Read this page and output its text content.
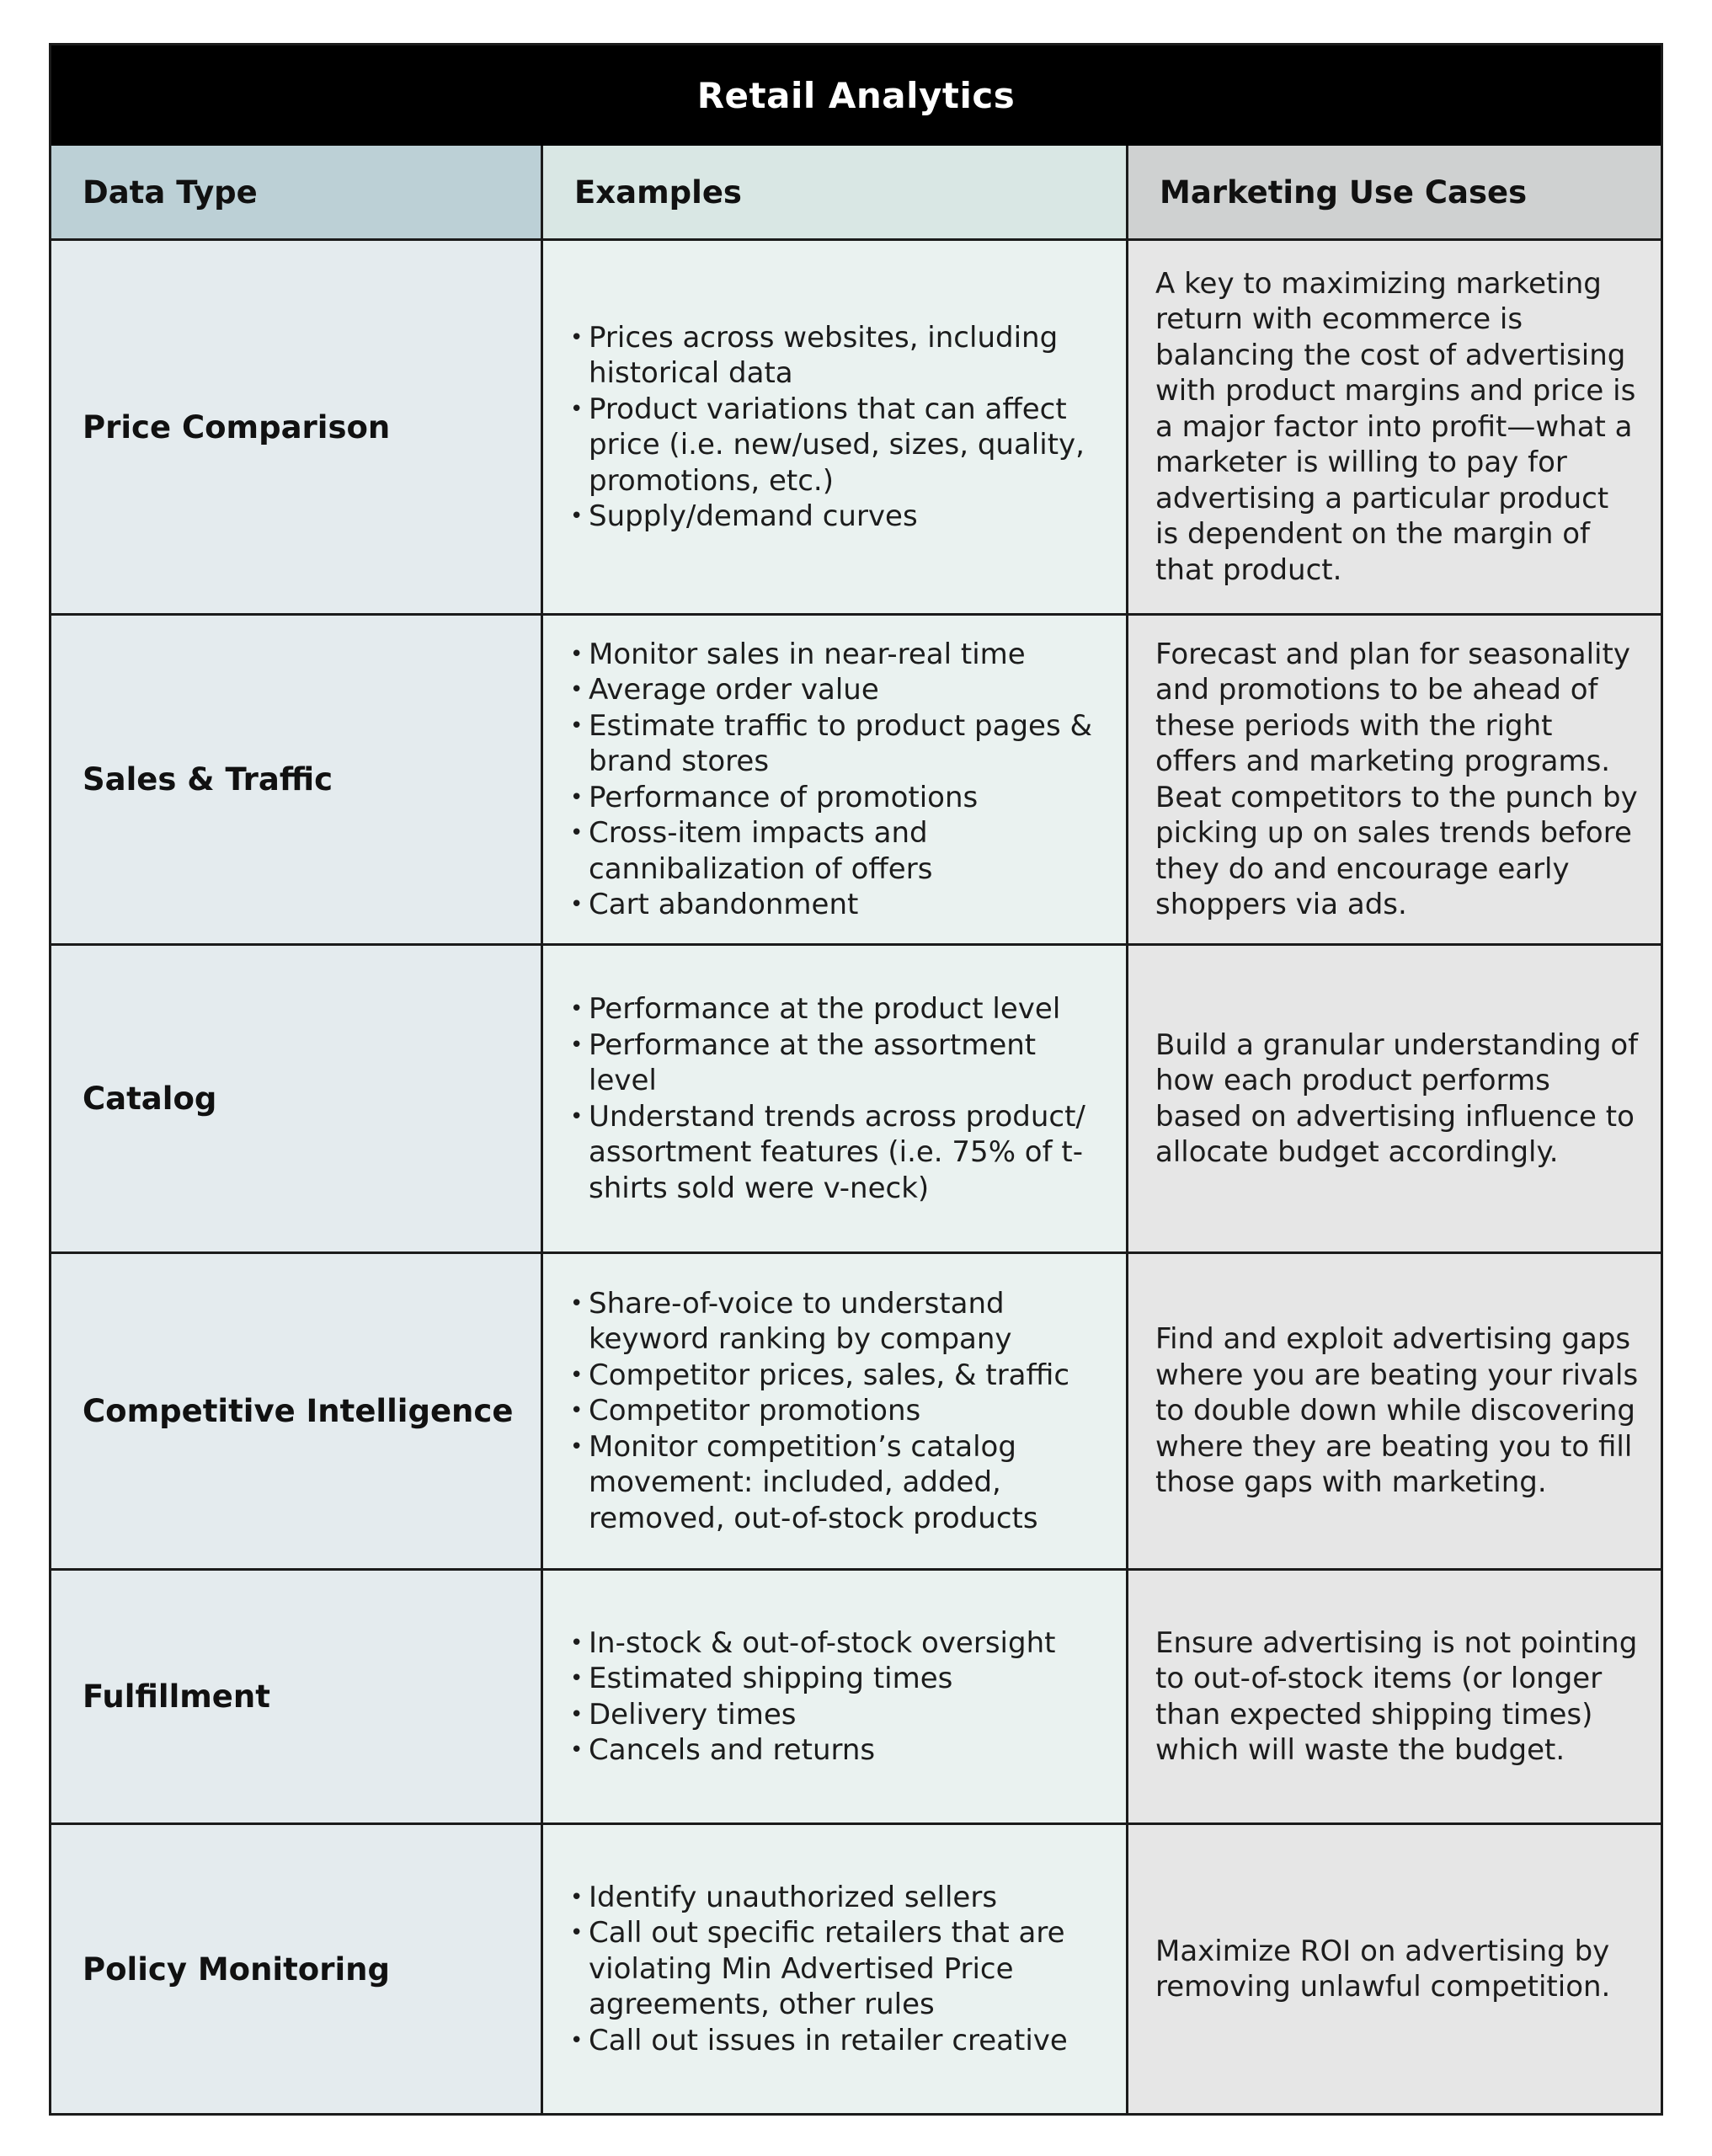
Retail Analytics
Data Type	Examples	Marketing Use Cases
Price Comparison
• Prices across websites, including historical data
• Product variations that can affect price (i.e. new/used, sizes, quality, promotions, etc.)
• Supply/demand curves

A key to maximizing marketing return with ecommerce is balancing the cost of advertising with product margins and price is a major factor into profit—what a marketer is willing to pay for advertising a particular product is dependent on the margin of that product.

Sales & Traffic
• Monitor sales in near-real time
• Average order value
• Estimate traffic to product pages & brand stores
• Performance of promotions
• Cross-item impacts and cannibalization of offers
• Cart abandonment

Forecast and plan for seasonality and promotions to be ahead of these periods with the right offers and marketing programs.

Beat competitors to the punch by picking up on sales trends before they do and encourage early shoppers via ads.

Catalog
• Performance at the product level
• Performance at the assortment level
• Understand trends across product/ assortment features (i.e. 75% of t-shirts sold were v-neck)

Build a granular understanding of how each product performs based on advertising influence to allocate budget accordingly.

Competitive Intelligence
• Share-of-voice to understand keyword ranking by company
• Competitor prices, sales, & traffic
• Competitor promotions
• Monitor competition’s catalog movement: included, added, removed, out-of-stock products

Find and exploit advertising gaps where you are beating your rivals to double down while discovering where they are beating you to fill those gaps with marketing.

Fulfillment
• In-stock & out-of-stock oversight
• Estimated shipping times
• Delivery times
• Cancels and returns

Ensure advertising is not pointing to out-of-stock items (or longer than expected shipping times) which will waste the budget.

Policy Monitoring
• Identify unauthorized sellers
• Call out specific retailers that are violating Min Advertised Price agreements, other rules
• Call out issues in retailer creative

Maximize ROI on advertising by removing unlawful competition.
